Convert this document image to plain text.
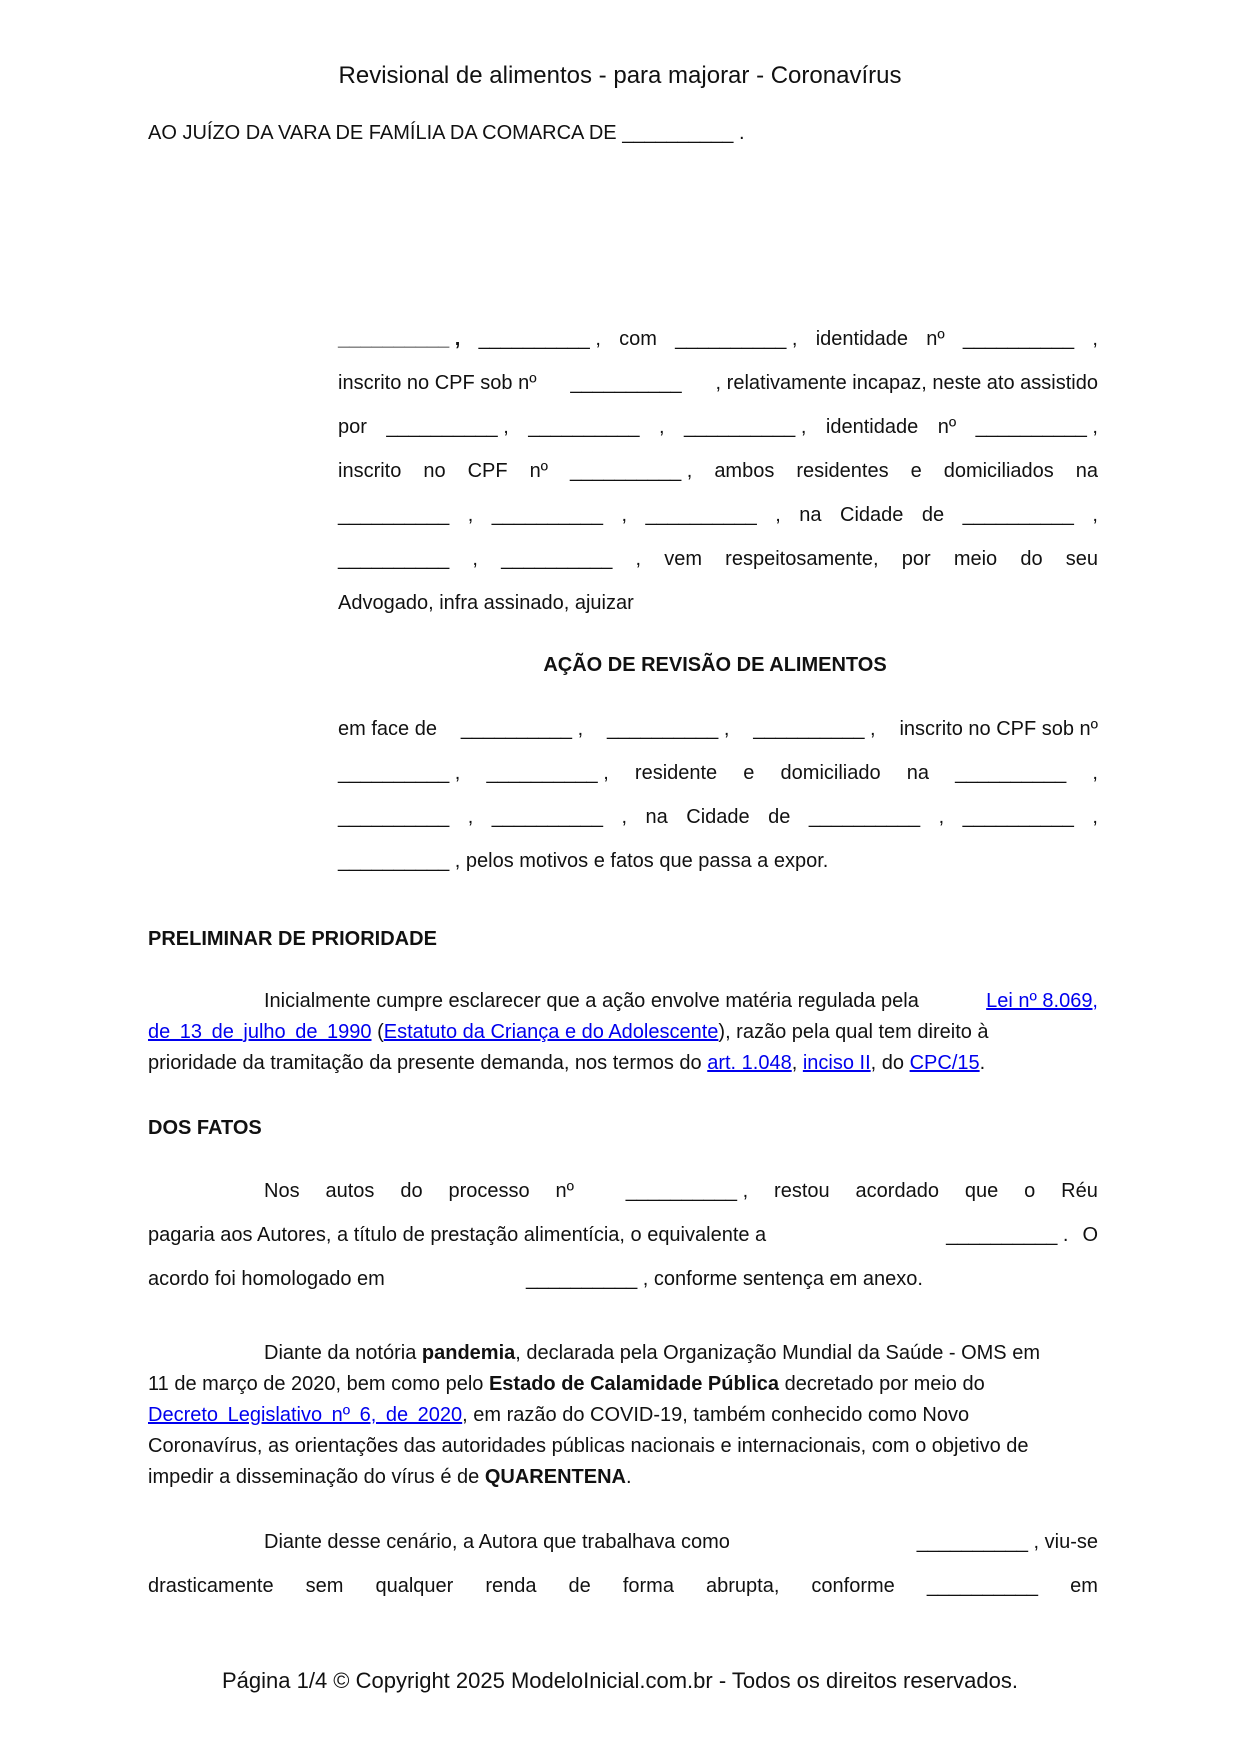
Revisional de alimentos - para majorar - Coronavírus
AO JUÍZO DA VARA DE FAMÍLIA DA COMARCA DE __________ .
__________ , __________ , com __________ , identidade nº __________ ,
inscrito no CPF sob nº __________ , relativamente incapaz, neste ato assistido
por __________ , __________ , __________ , identidade nº __________ ,
inscrito no CPF nº __________ , ambos residentes e domiciliados na
__________ , __________ , __________ , na Cidade de __________ ,
__________ , __________ , vem respeitosamente, por meio do seu
Advogado, infra assinado, ajuizar
AÇÃO DE REVISÃO DE ALIMENTOS
em face de __________ , __________ , __________ , inscrito no CPF sob nº
__________ , __________ , residente e domiciliado na __________ ,
__________ , __________ , na Cidade de __________ , __________ ,
__________ , pelos motivos e fatos que passa a expor.
PRELIMINAR DE PRIORIDADE
Inicialmente cumpre esclarecer que a ação envolve matéria regulada pela	Lei nº 8.069,
de 13 de julho de 1990 (Estatuto da Criança e do Adolescente), razão pela qual tem direito à
prioridade da tramitação da presente demanda, nos termos do art. 1.048, inciso II, do CPC/15.
DOS FATOS
Nos autos do processo nº	__________ , restou acordado que o Réu
pagaria aos Autores, a título de prestação alimentícia, o equivalente a	__________ . O
acordo foi homologado em	__________ , conforme sentença em anexo.
Diante da notória pandemia, declarada pela Organização Mundial da Saúde - OMS em
11 de março de 2020, bem como pelo Estado de Calamidade Pública decretado por meio do
Decreto Legislativo nº 6, de 2020, em razão do COVID-19, também conhecido como Novo
Coronavírus, as orientações das autoridades públicas nacionais e internacionais, com o objetivo de
impedir a disseminação do vírus é de QUARENTENA.
Diante desse cenário, a Autora que trabalhava como	__________ , viu-se
drasticamente sem qualquer renda de forma abrupta, conforme __________ em
Página 1/4 © Copyright 2025 ModeloInicial.com.br - Todos os direitos reservados.
